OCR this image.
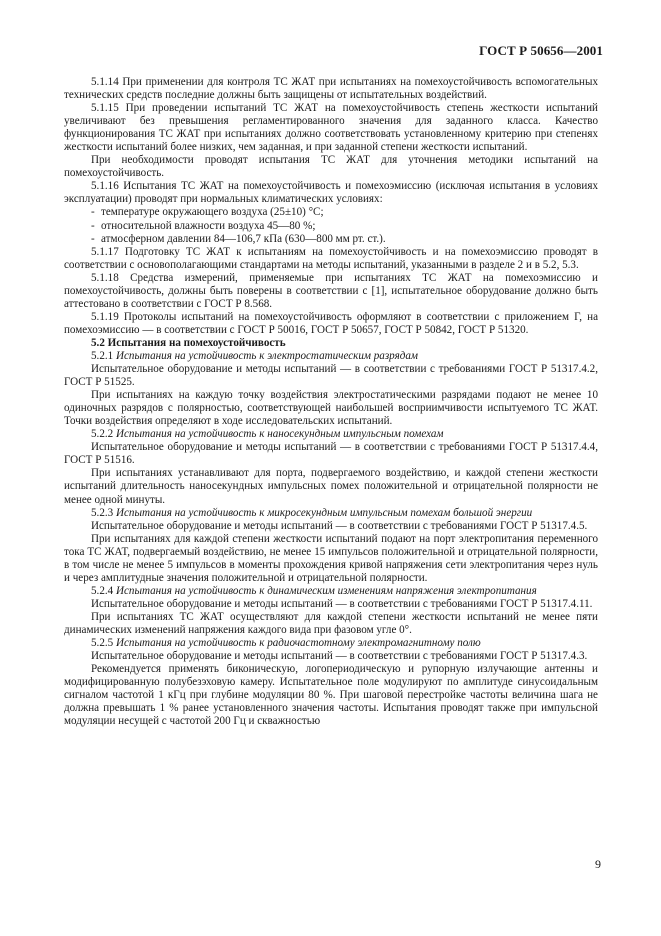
ГОСТ Р 50656—2001

5.1.14 При применении для контроля ТС ЖАТ при испытаниях на помехоустойчивость вспомогательных технических средств последние должны быть защищены от испытательных воздействий.

5.1.15 При проведении испытаний ТС ЖАТ на помехоустойчивость степень жесткости испытаний увеличивают без превышения регламентированного значения для заданного класса. Качество функционирования ТС ЖАТ при испытаниях должно соответствовать установленному критерию при степенях жесткости испытаний более низких, чем заданная, и при заданной степени жесткости испытаний.

При необходимости проводят испытания ТС ЖАТ для уточнения методики испытаний на помехоустойчивость.

5.1.16 Испытания ТС ЖАТ на помехоустойчивость и помехоэмиссию (исключая испытания в условиях эксплуатации) проводят при нормальных климатических условиях:

- температуре окружающего воздуха (25±10) °С;

- относительной влажности воздуха 45—80 %;

- атмосферном давлении 84—106,7 кПа (630—800 мм рт. ст.).

5.1.17 Подготовку ТС ЖАТ к испытаниям на помехоустойчивость и на помехоэмиссию проводят в соответствии с основополагающими стандартами на методы испытаний, указанными в разделе 2 и в 5.2, 5.3.

5.1.18 Средства измерений, применяемые при испытаниях ТС ЖАТ на помехоэмиссию и помехоустойчивость, должны быть поверены в соответствии с [1], испытательное оборудование должно быть аттестовано в соответствии с ГОСТ Р 8.568.

5.1.19 Протоколы испытаний на помехоустойчивость оформляют в соответствии с приложением Г, на помехоэмиссию — в соответствии с ГОСТ Р 50016, ГОСТ Р 50657, ГОСТ Р 50842, ГОСТ Р 51320.

5.2 Испытания на помехоустойчивость

5.2.1 Испытания на устойчивость к электростатическим разрядам

Испытательное оборудование и методы испытаний — в соответствии с требованиями ГОСТ Р 51317.4.2, ГОСТ Р 51525.

При испытаниях на каждую точку воздействия электростатическими разрядами подают не менее 10 одиночных разрядов с полярностью, соответствующей наибольшей восприимчивости испытуемого ТС ЖАТ. Точки воздействия определяют в ходе исследовательских испытаний.

5.2.2 Испытания на устойчивость к наносекундным импульсным помехам

Испытательное оборудование и методы испытаний — в соответствии с требованиями ГОСТ Р 51317.4.4, ГОСТ Р 51516.

При испытаниях устанавливают для порта, подвергаемого воздействию, и каждой степени жесткости испытаний длительность наносекундных импульсных помех положительной и отрицательной полярности не менее одной минуты.

5.2.3 Испытания на устойчивость к микросекундным импульсным помехам большой энергии

Испытательное оборудование и методы испытаний — в соответствии с требованиями ГОСТ Р 51317.4.5.

При испытаниях для каждой степени жесткости испытаний подают на порт электропитания переменного тока ТС ЖАТ, подвергаемый воздействию, не менее 15 импульсов положительной и отрицательной полярности, в том числе не менее 5 импульсов в моменты прохождения кривой напряжения сети электропитания через нуль и через амплитудные значения положительной и отрицательной полярности.

5.2.4 Испытания на устойчивость к динамическим изменениям напряжения электропитания

Испытательное оборудование и методы испытаний — в соответствии с требованиями ГОСТ Р 51317.4.11.

При испытаниях ТС ЖАТ осуществляют для каждой степени жесткости испытаний не менее пяти динамических изменений напряжения каждого вида при фазовом угле 0°.

5.2.5 Испытания на устойчивость к радиочастотному электромагнитному полю

Испытательное оборудование и методы испытаний — в соответствии с требованиями ГОСТ Р 51317.4.3.

Рекомендуется применять биконическую, логопериодическую и рупорную излучающие антенны и модифицированную полубезэховую камеру. Испытательное поле модулируют по амплитуде синусоидальным сигналом частотой 1 кГц при глубине модуляции 80 %. При шаговой перестройке частоты величина шага не должна превышать 1 % ранее установленного значения частоты. Испытания проводят также при импульсной модуляции несущей с частотой 200 Гц и скважностью

9
